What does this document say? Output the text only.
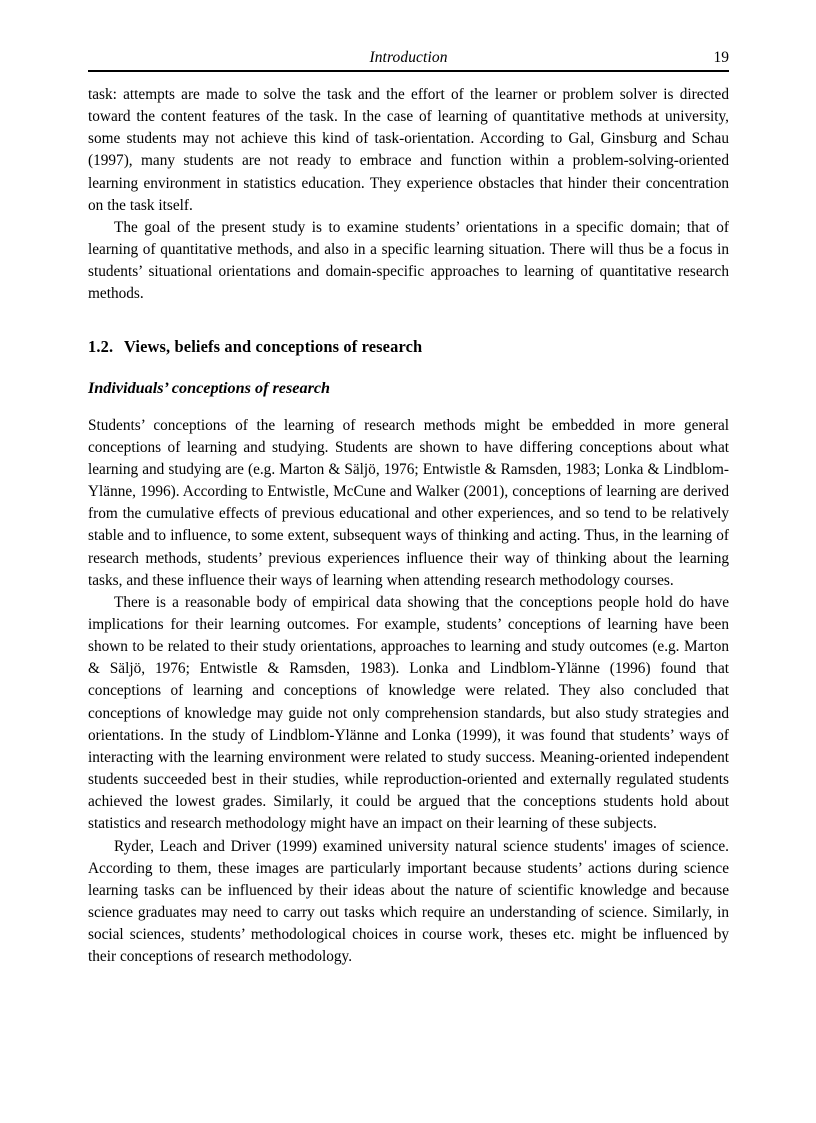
Introduction	19

task: attempts are made to solve the task and the effort of the learner or problem solver is directed toward the content features of the task. In the case of learning of quantitative methods at university, some students may not achieve this kind of task-orientation. According to Gal, Ginsburg and Schau (1997), many students are not ready to embrace and function within a problem-solving-oriented learning environment in statistics education. They experience obstacles that hinder their concentration on the task itself.

The goal of the present study is to examine students’ orientations in a specific domain; that of learning of quantitative methods, and also in a specific learning situation. There will thus be a focus in students’ situational orientations and domain-specific approaches to learning of quantitative research methods.

1.2. Views, beliefs and conceptions of research
Individuals’ conceptions of research

Students’ conceptions of the learning of research methods might be embedded in more general conceptions of learning and studying. Students are shown to have differing conceptions about what learning and studying are (e.g. Marton & Säljö, 1976; Entwistle & Ramsden, 1983; Lonka & Lindblom-Ylänne, 1996). According to Entwistle, McCune and Walker (2001), conceptions of learning are derived from the cumulative effects of previous educational and other experiences, and so tend to be relatively stable and to influence, to some extent, subsequent ways of thinking and acting. Thus, in the learning of research methods, students’ previous experiences influence their way of thinking about the learning tasks, and these influence their ways of learning when attending research methodology courses.

There is a reasonable body of empirical data showing that the conceptions people hold do have implications for their learning outcomes. For example, students’ conceptions of learning have been shown to be related to their study orientations, approaches to learning and study outcomes (e.g. Marton & Säljö, 1976; Entwistle & Ramsden, 1983). Lonka and Lindblom-Ylänne (1996) found that conceptions of learning and conceptions of knowledge were related. They also concluded that conceptions of knowledge may guide not only comprehension standards, but also study strategies and orientations. In the study of Lindblom-Ylänne and Lonka (1999), it was found that students’ ways of interacting with the learning environment were related to study success. Meaning-oriented independent students succeeded best in their studies, while reproduction-oriented and externally regulated students achieved the lowest grades. Similarly, it could be argued that the conceptions students hold about statistics and research methodology might have an impact on their learning of these subjects.

Ryder, Leach and Driver (1999) examined university natural science students' images of science. According to them, these images are particularly important because students’ actions during science learning tasks can be influenced by their ideas about the nature of scientific knowledge and because science graduates may need to carry out tasks which require an understanding of science. Similarly, in social sciences, students’ methodological choices in course work, theses etc. might be influenced by their conceptions of research methodology.
